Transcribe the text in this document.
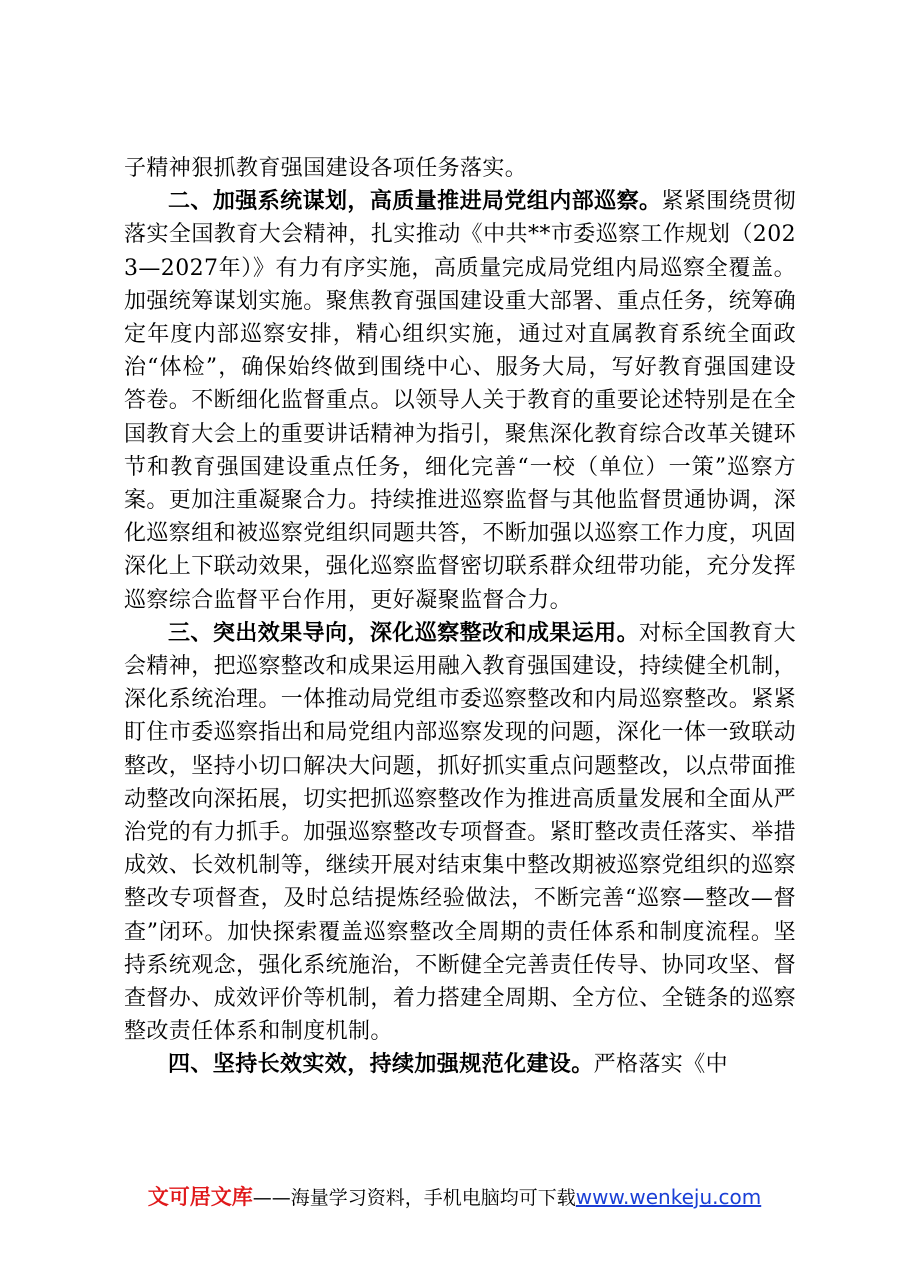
子精神狠抓教育强国建设各项任务落实。

二、加强系统谋划，高质量推进局党组内部巡察。紧紧围绕贯彻落实全国教育大会精神，扎实推动《中共**市委巡察工作规划（2023—2027年）》有力有序实施，高质量完成局党组内局巡察全覆盖。加强统筹谋划实施。聚焦教育强国建设重大部署、重点任务，统筹确定年度内部巡察安排，精心组织实施，通过对直属教育系统全面政治“体检”，确保始终做到围绕中心、服务大局，写好教育强国建设答卷。不断细化监督重点。以领导人关于教育的重要论述特别是在全国教育大会上的重要讲话精神为指引，聚焦深化教育综合改革关键环节和教育强国建设重点任务，细化完善“一校（单位）一策”巡察方案。更加注重凝聚合力。持续推进巡察监督与其他监督贯通协调，深化巡察组和被巡察党组织同题共答，不断加强以巡察工作力度，巩固深化上下联动效果，强化巡察监督密切联系群众纽带功能，充分发挥巡察综合监督平台作用，更好凝聚监督合力。

三、突出效果导向，深化巡察整改和成果运用。对标全国教育大会精神，把巡察整改和成果运用融入教育强国建设，持续健全机制，深化系统治理。一体推动局党组市委巡察整改和内局巡察整改。紧紧盯住市委巡察指出和局党组内部巡察发现的问题，深化一体一致联动整改，坚持小切口解决大问题，抓好抓实重点问题整改，以点带面推动整改向深拓展，切实把抓巡察整改作为推进高质量发展和全面从严治党的有力抓手。加强巡察整改专项督查。紧盯整改责任落实、举措成效、长效机制等，继续开展对结束集中整改期被巡察党组织的巡察整改专项督查，及时总结提炼经验做法，不断完善“巡察—整改—督查”闭环。加快探索覆盖巡察整改全周期的责任体系和制度流程。坚持系统观念，强化系统施治，不断健全完善责任传导、协同攻坚、督查督办、成效评价等机制，着力搭建全周期、全方位、全链条的巡察整改责任体系和制度机制。

四、坚持长效实效，持续加强规范化建设。严格落实《中

文可居文库——海量学习资料，手机电脑均可下载www.wenkeju.com
